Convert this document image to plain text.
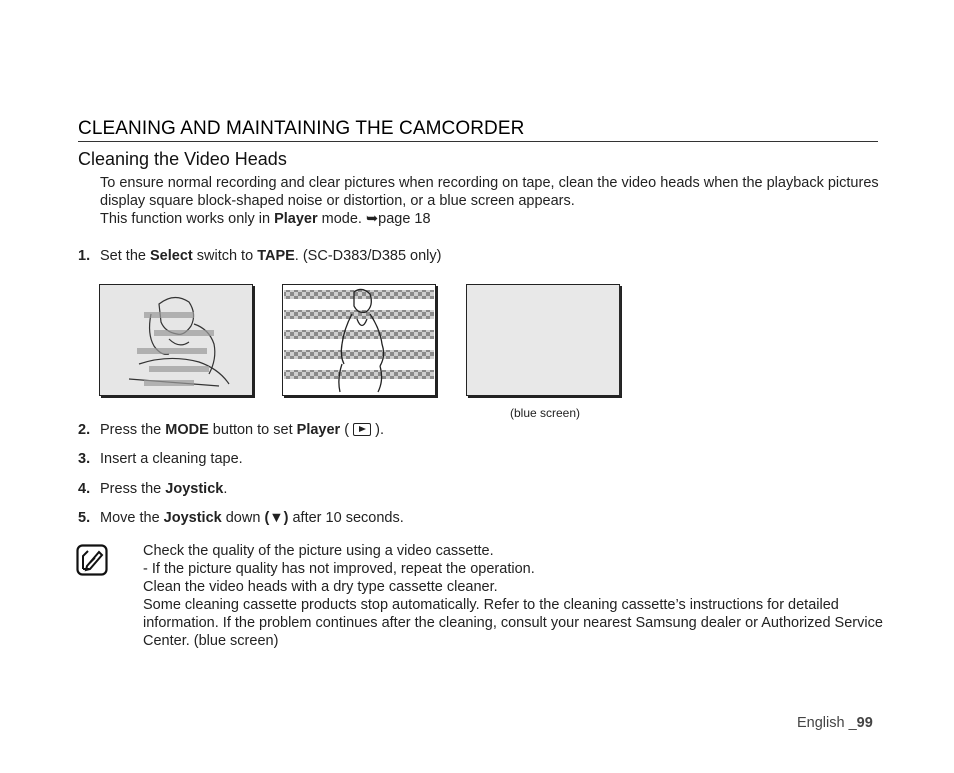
CLEANING AND MAINTAINING THE CAMCORDER
Cleaning the Video Heads

To ensure normal recording and clear pictures when recording on tape, clean the video heads when the playback pictures display square block-shaped noise or distortion, or a blue screen appears.

This function works only in Player mode. ➥page 18

1. Set the Select switch to TAPE. (SC-D383/D385 only)
(blue screen)
2. Press the MODE button to set Player (  ).
3. Insert a cleaning tape.
4. Press the Joystick.
5. Move the Joystick down (▼) after 10 seconds.

Check the quality of the picture using a video cassette.

- If the picture quality has not improved, repeat the operation.

Clean the video heads with a dry type cassette cleaner.

Some cleaning cassette products stop automatically. Refer to the cleaning cassette’s instructions for detailed information. If the problem continues after the cleaning, consult your nearest Samsung dealer or Authorized Service Center. (blue screen)

English _99
